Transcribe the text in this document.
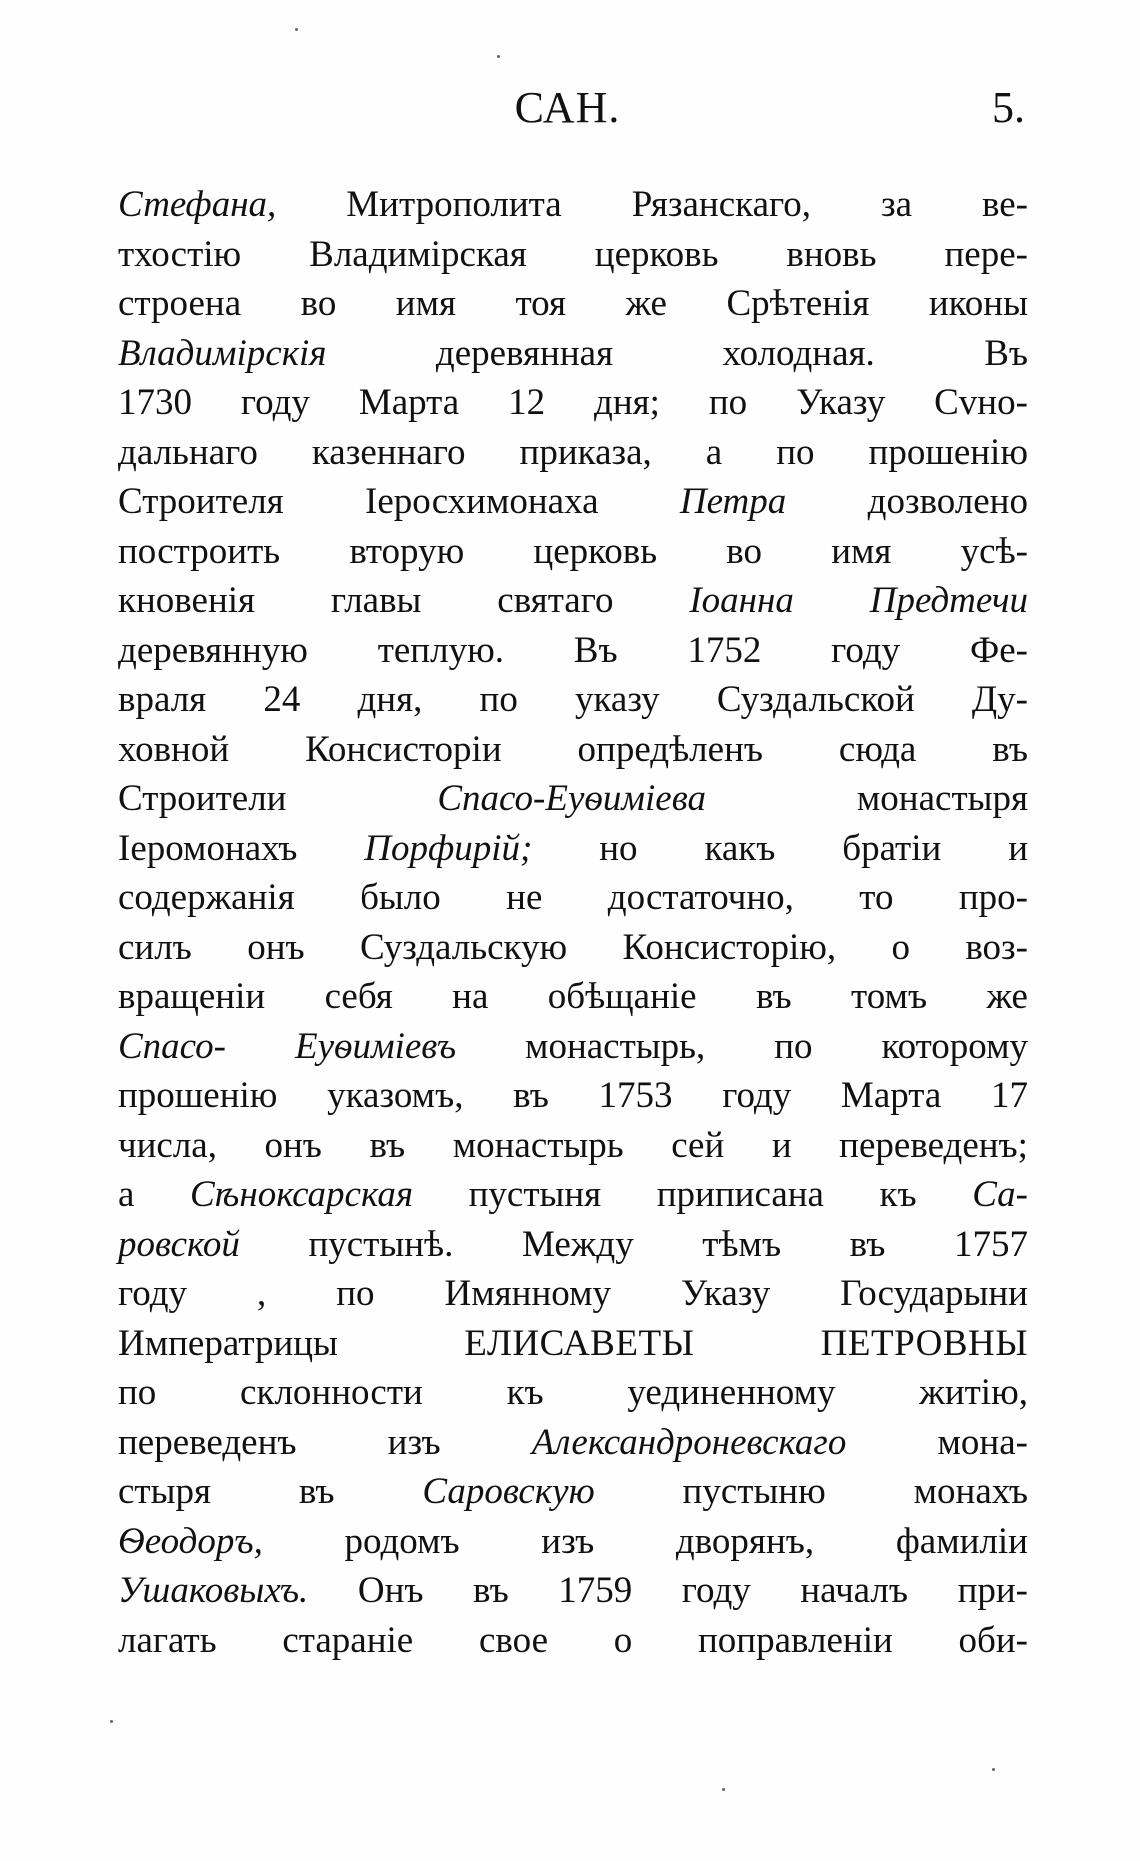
САН.	5.
Стефана, Митрополита Рязанскаго, за ве-
тхостію Владимірская церковь вновь пере-
строена во имя тоя же Срѣтенія иконы
Владимірскія	деревянная	холодная.	Въ
1730 году Марта 12 дня; по Указу Сvно-
дальнаго казеннаго приказа, а по прошенію
Строителя Іеросхимонаха Петра дозволено
построить вторую церковь во имя усѣ-
кновенія главы святаго Іоанна Предтечи
деревянную теплую. Въ 1752 году Фе-
враля 24 дня, по указу Суздальской Ду-
ховной Консисторіи опредѣленъ сюда въ
Строители	Спасо-Еуѳиміева	монастыря
Іеромонахъ Порфирій; но какъ братіи и
содержанія было не достаточно, то про-
силъ онъ Суздальскую Консисторію, о воз-
вращеніи себя на обѣщаніе въ томъ же
Спасо- Еуѳиміевъ монастырь, по которому
прошенію указомъ, въ 1753 году Марта 17
числа, онъ въ монастырь сей и переведенъ;
а Сѣноксарская пустыня приписана къ Са-
ровской пустынѣ. Между тѣмъ въ 1757
году , по Имянному Указу Государыни
Императрицы	ЕЛИСАВЕТЫ	ПЕТРОВНЫ
по склонности къ уединенному житію,
переведенъ изъ Александроневскаго мона-
стыря въ Саровскую пустыню монахъ
Ѳеодоръ, родомъ изъ дворянъ, фамиліи
Ушаковыхъ. Онъ въ 1759 году началъ при-
лагать стараніе свое о поправленіи оби-
